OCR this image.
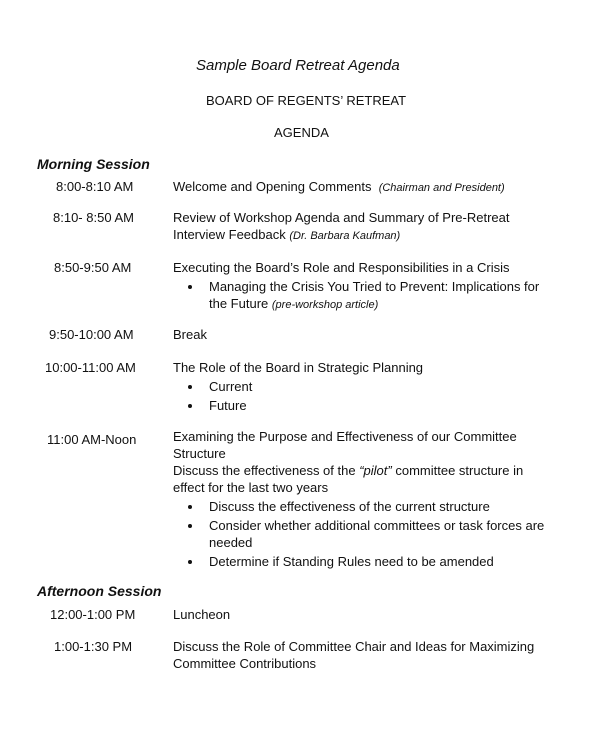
Sample Board Retreat Agenda
BOARD OF REGENTS’ RETREAT
AGENDA
Morning Session
8:00-8:10 AM	Welcome and Opening Comments (Chairman and President)
8:10- 8:50 AM	Review of Workshop Agenda and Summary of Pre-Retreat
Interview Feedback (Dr. Barbara Kaufman)
8:50-9:50 AM	Executing the Board’s Role and Responsibilities in a Crisis
Managing the Crisis You Tried to Prevent: Implications for
the Future (pre-workshop article)
9:50-10:00 AM	Break
10:00-11:00 AM	The Role of the Board in Strategic Planning
Current
Future
11:00 AM-Noon	Examining the Purpose and Effectiveness of our Committee
Structure
Discuss the effectiveness of the “pilot” committee structure in
effect for the last two years
Discuss the effectiveness of the current structure
Consider whether additional committees or task forces are needed
Determine if Standing Rules need to be amended
Afternoon Session
12:00-1:00 PM	Luncheon
1:00-1:30 PM	Discuss the Role of Committee Chair and Ideas for Maximizing
Committee Contributions
